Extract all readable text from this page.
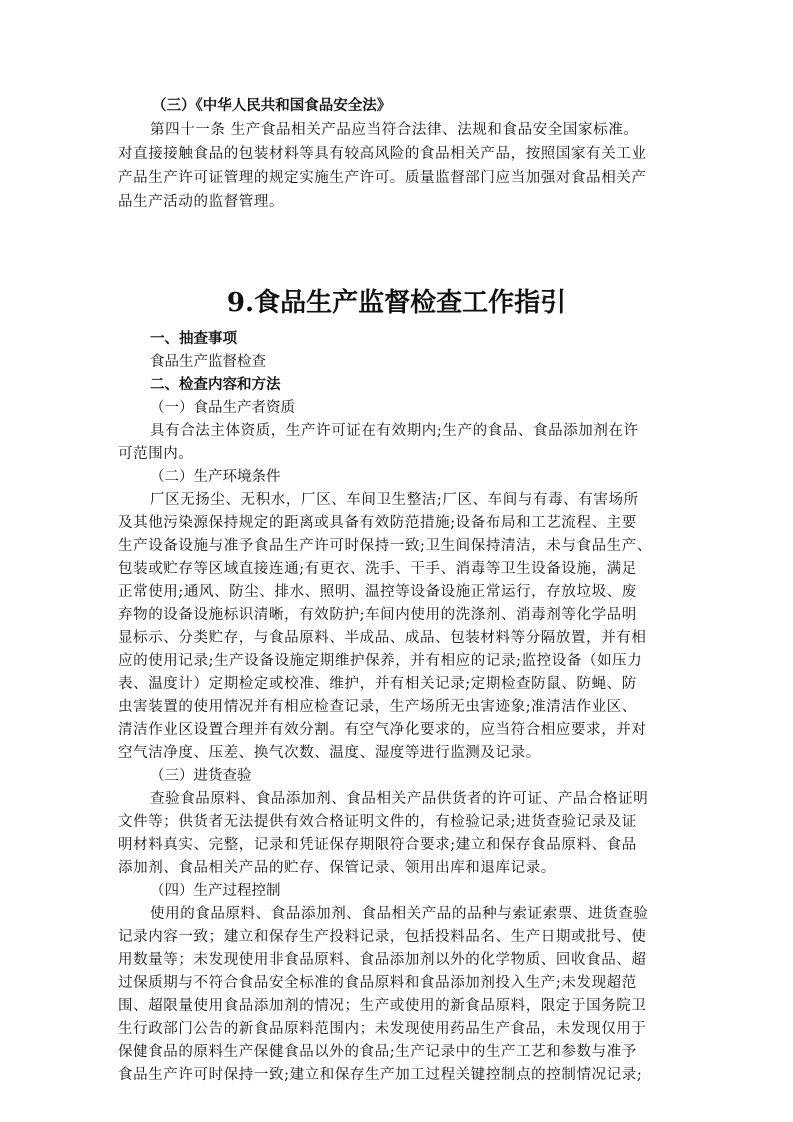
（三）《中华人民共和国食品安全法》
第四十一条 生产食品相关产品应当符合法律、法规和食品安全国家标准。
对直接接触食品的包装材料等具有较高风险的食品相关产品，按照国家有关工业
产品生产许可证管理的规定实施生产许可。质量监督部门应当加强对食品相关产
品生产活动的监督管理。
9.食品生产监督检查工作指引
一、抽查事项
食品生产监督检查
二、检查内容和方法
（一）食品生产者资质
具有合法主体资质，生产许可证在有效期内;生产的食品、食品添加剂在许
可范围内。
（二）生产环境条件
厂区无扬尘、无积水，厂区、车间卫生整洁;厂区、车间与有毒、有害场所
及其他污染源保持规定的距离或具备有效防范措施;设备布局和工艺流程、主要
生产设备设施与准予食品生产许可时保持一致;卫生间保持清洁，未与食品生产、
包装或贮存等区域直接连通;有更衣、洗手、干手、消毒等卫生设备设施，满足
正常使用;通风、防尘、排水、照明、温控等设备设施正常运行，存放垃圾、废
弃物的设备设施标识清晰，有效防护;车间内使用的洗涤剂、消毒剂等化学品明
显标示、分类贮存，与食品原料、半成品、成品、包装材料等分隔放置，并有相
应的使用记录;生产设备设施定期维护保养，并有相应的记录;监控设备（如压力
表、温度计）定期检定或校准、维护，并有相关记录;定期检查防鼠、防蝇、防
虫害装置的使用情况并有相应检查记录，生产场所无虫害迹象;准清洁作业区、
清洁作业区设置合理并有效分割。有空气净化要求的，应当符合相应要求，并对
空气洁净度、压差、换气次数、温度、湿度等进行监测及记录。
（三）进货查验
查验食品原料、食品添加剂、食品相关产品供货者的许可证、产品合格证明
文件等；供货者无法提供有效合格证明文件的，有检验记录;进货查验记录及证
明材料真实、完整，记录和凭证保存期限符合要求;建立和保存食品原料、食品
添加剂、食品相关产品的贮存、保管记录、领用出库和退库记录。
（四）生产过程控制
使用的食品原料、食品添加剂、食品相关产品的品种与索证索票、进货查验
记录内容一致；建立和保存生产投料记录，包括投料品名、生产日期或批号、使
用数量等；未发现使用非食品原料、食品添加剂以外的化学物质、回收食品、超
过保质期与不符合食品安全标准的食品原料和食品添加剂投入生产;未发现超范
围、超限量使用食品添加剂的情况；生产或使用的新食品原料，限定于国务院卫
生行政部门公告的新食品原料范围内；未发现使用药品生产食品，未发现仅用于
保健食品的原料生产保健食品以外的食品;生产记录中的生产工艺和参数与准予
食品生产许可时保持一致;建立和保存生产加工过程关键控制点的控制情况记录;
